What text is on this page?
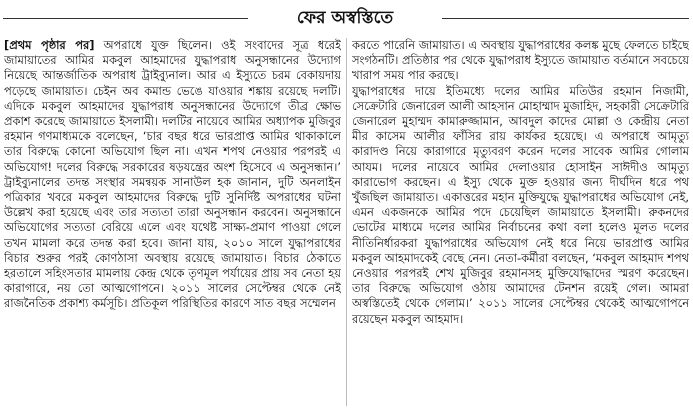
ফের অস্বস্তিতে

[প্রথম পৃষ্ঠার পর] অপরাধে যুক্ত ছিলেন। ওই সংবাদের সূত্র ধরেই জামায়াতের আমির মকবুল আহমাদের যুদ্ধাপরাধ অনুসন্ধানের উদ্যোগ নিয়েছে আন্তর্জাতিক অপরাধ ট্রাইব্যুনাল। আর এ ইস্যুতে চরম বেকায়দায় পড়েছে জামায়াত। চেইন অব কমান্ড ভেঙে যাওয়ার শঙ্কায় রয়েছে দলটি। এদিকে মকবুল আহমাদের যুদ্ধাপরাধ অনুসন্ধানের উদ্যোগে তীব্র ক্ষোভ প্রকাশ করেছে জামায়াতে ইসলামী। দলটির নায়েবে আমির অধ্যাপক মুজিবুর রহমান গণমাধ্যমকে বলেছেন, ‘চার বছর ধরে ভারপ্রাপ্ত আমির থাকাকালে তার বিরুদ্ধে কোনো অভিযোগ ছিল না। এখন শপথ নেওয়ার পরপরই এ অভিযোগ! দলের বিরুদ্ধে সরকারের ষড়যন্ত্রের অংশ হিসেবে এ অনুসন্ধান।’ ট্রাইব্যুনালের তদন্ত সংস্থার সমন্বয়ক সানাউল হক জানান, দুটি অনলাইন পত্রিকার খবরে মকবুল আহমাদের বিরুদ্ধে দুটি সুনির্দিষ্ট অপরাধের ঘটনা উল্লেখ করা হয়েছে এবং তার সত্যতা তারা অনুসন্ধান করবেন। অনুসন্ধানে অভিযোগের সত্যতা বেরিয়ে এলে এবং যথেষ্ট সাক্ষ্য-প্রমাণ পাওয়া গেলে তখন মামলা করে তদন্ত করা হবে। জানা যায়, ২০১০ সালে যুদ্ধাপরাধের বিচার শুরুর পরই কোণঠাসা অবস্থায় রয়েছে জামায়াত। বিচার ঠেকাতে হরতালে সহিংসতার মামলায় কেন্দ্র থেকে তৃণমূল পর্যায়ের প্রায় সব নেতা হয় কারাগারে, নয় তো আত্মগোপনে। ২০১১ সালের সেপ্টেম্বর থেকে নেই রাজনৈতিক প্রকাশ্য কর্মসূচি। প্রতিকূল পরিস্থিতির কারণে সাত বছর সম্মেলন

করতে পারেনি জামায়াত। এ অবস্থায় যুদ্ধাপরাধের কলঙ্ক মুছে ফেলতে চাইছে সংগঠনটি। প্রতিষ্ঠার পর থেকে যুদ্ধাপরাধ ইস্যুতে জামায়াত বর্তমানে সবচেয়ে খারাপ সময় পার করছে।

যুদ্ধাপরাধের দায়ে ইতিমধ্যে দলের আমির মতিউর রহমান নিজামী, সেক্রেটারি জেনারেল আলী আহসান মোহাম্মাদ মুজাহিদ, সহকারী সেক্রেটারি জেনারেল মুহাম্মদ কামারুজ্জামান, আবদুল কাদের মোল্লা ও কেন্দ্রীয় নেতা মীর কাসেম আলীর ফাঁসির রায় কার্যকর হয়েছে। এ অপরাধে আমৃত্যু কারাদণ্ড নিয়ে কারাগারে মৃত্যুবরণ করেন দলের সাবেক আমির গোলাম আযম। দলের নায়েবে আমির দেলাওয়ার হোসাইন সাঈদীও আমৃত্যু কারাভোগ করছেন। এ ইস্যু থেকে মুক্ত হওয়ার জন্য দীর্ঘদিন ধরে পথ খুঁজছিল জামায়াত। একাত্তরের মহান মুক্তিযুদ্ধে যুদ্ধাপরাধের অভিযোগ নেই, এমন একজনকে আমির পদে চেয়েছিল জামায়াতে ইসলামী। রুকনদের ভোটের মাধ্যমে দলের আমির নির্বাচনের কথা বলা হলেও মূলত দলের নীতিনির্ধারকরা যুদ্ধাপরাধের অভিযোগ নেই ধরে নিয়ে ভারপ্রাপ্ত আমির মকবুল আহমাদকেই বেছে নেন। নেতা-কর্মীরা বলছেন, ‘মকবুল আহমাদ শপথ নেওয়ার পরপরই শেখ মুজিবুর রহমানসহ মুক্তিযোদ্ধাদের স্মরণ করেছেন। তার বিরুদ্ধে অভিযোগ ওঠায় আমাদের টেনশন রয়েই গেল। আমরা অস্বস্তিতেই থেকে গেলাম।’ ২০১১ সালের সেপ্টেম্বর থেকেই আত্মগোপনে রয়েছেন মকবুল আহমাদ।
